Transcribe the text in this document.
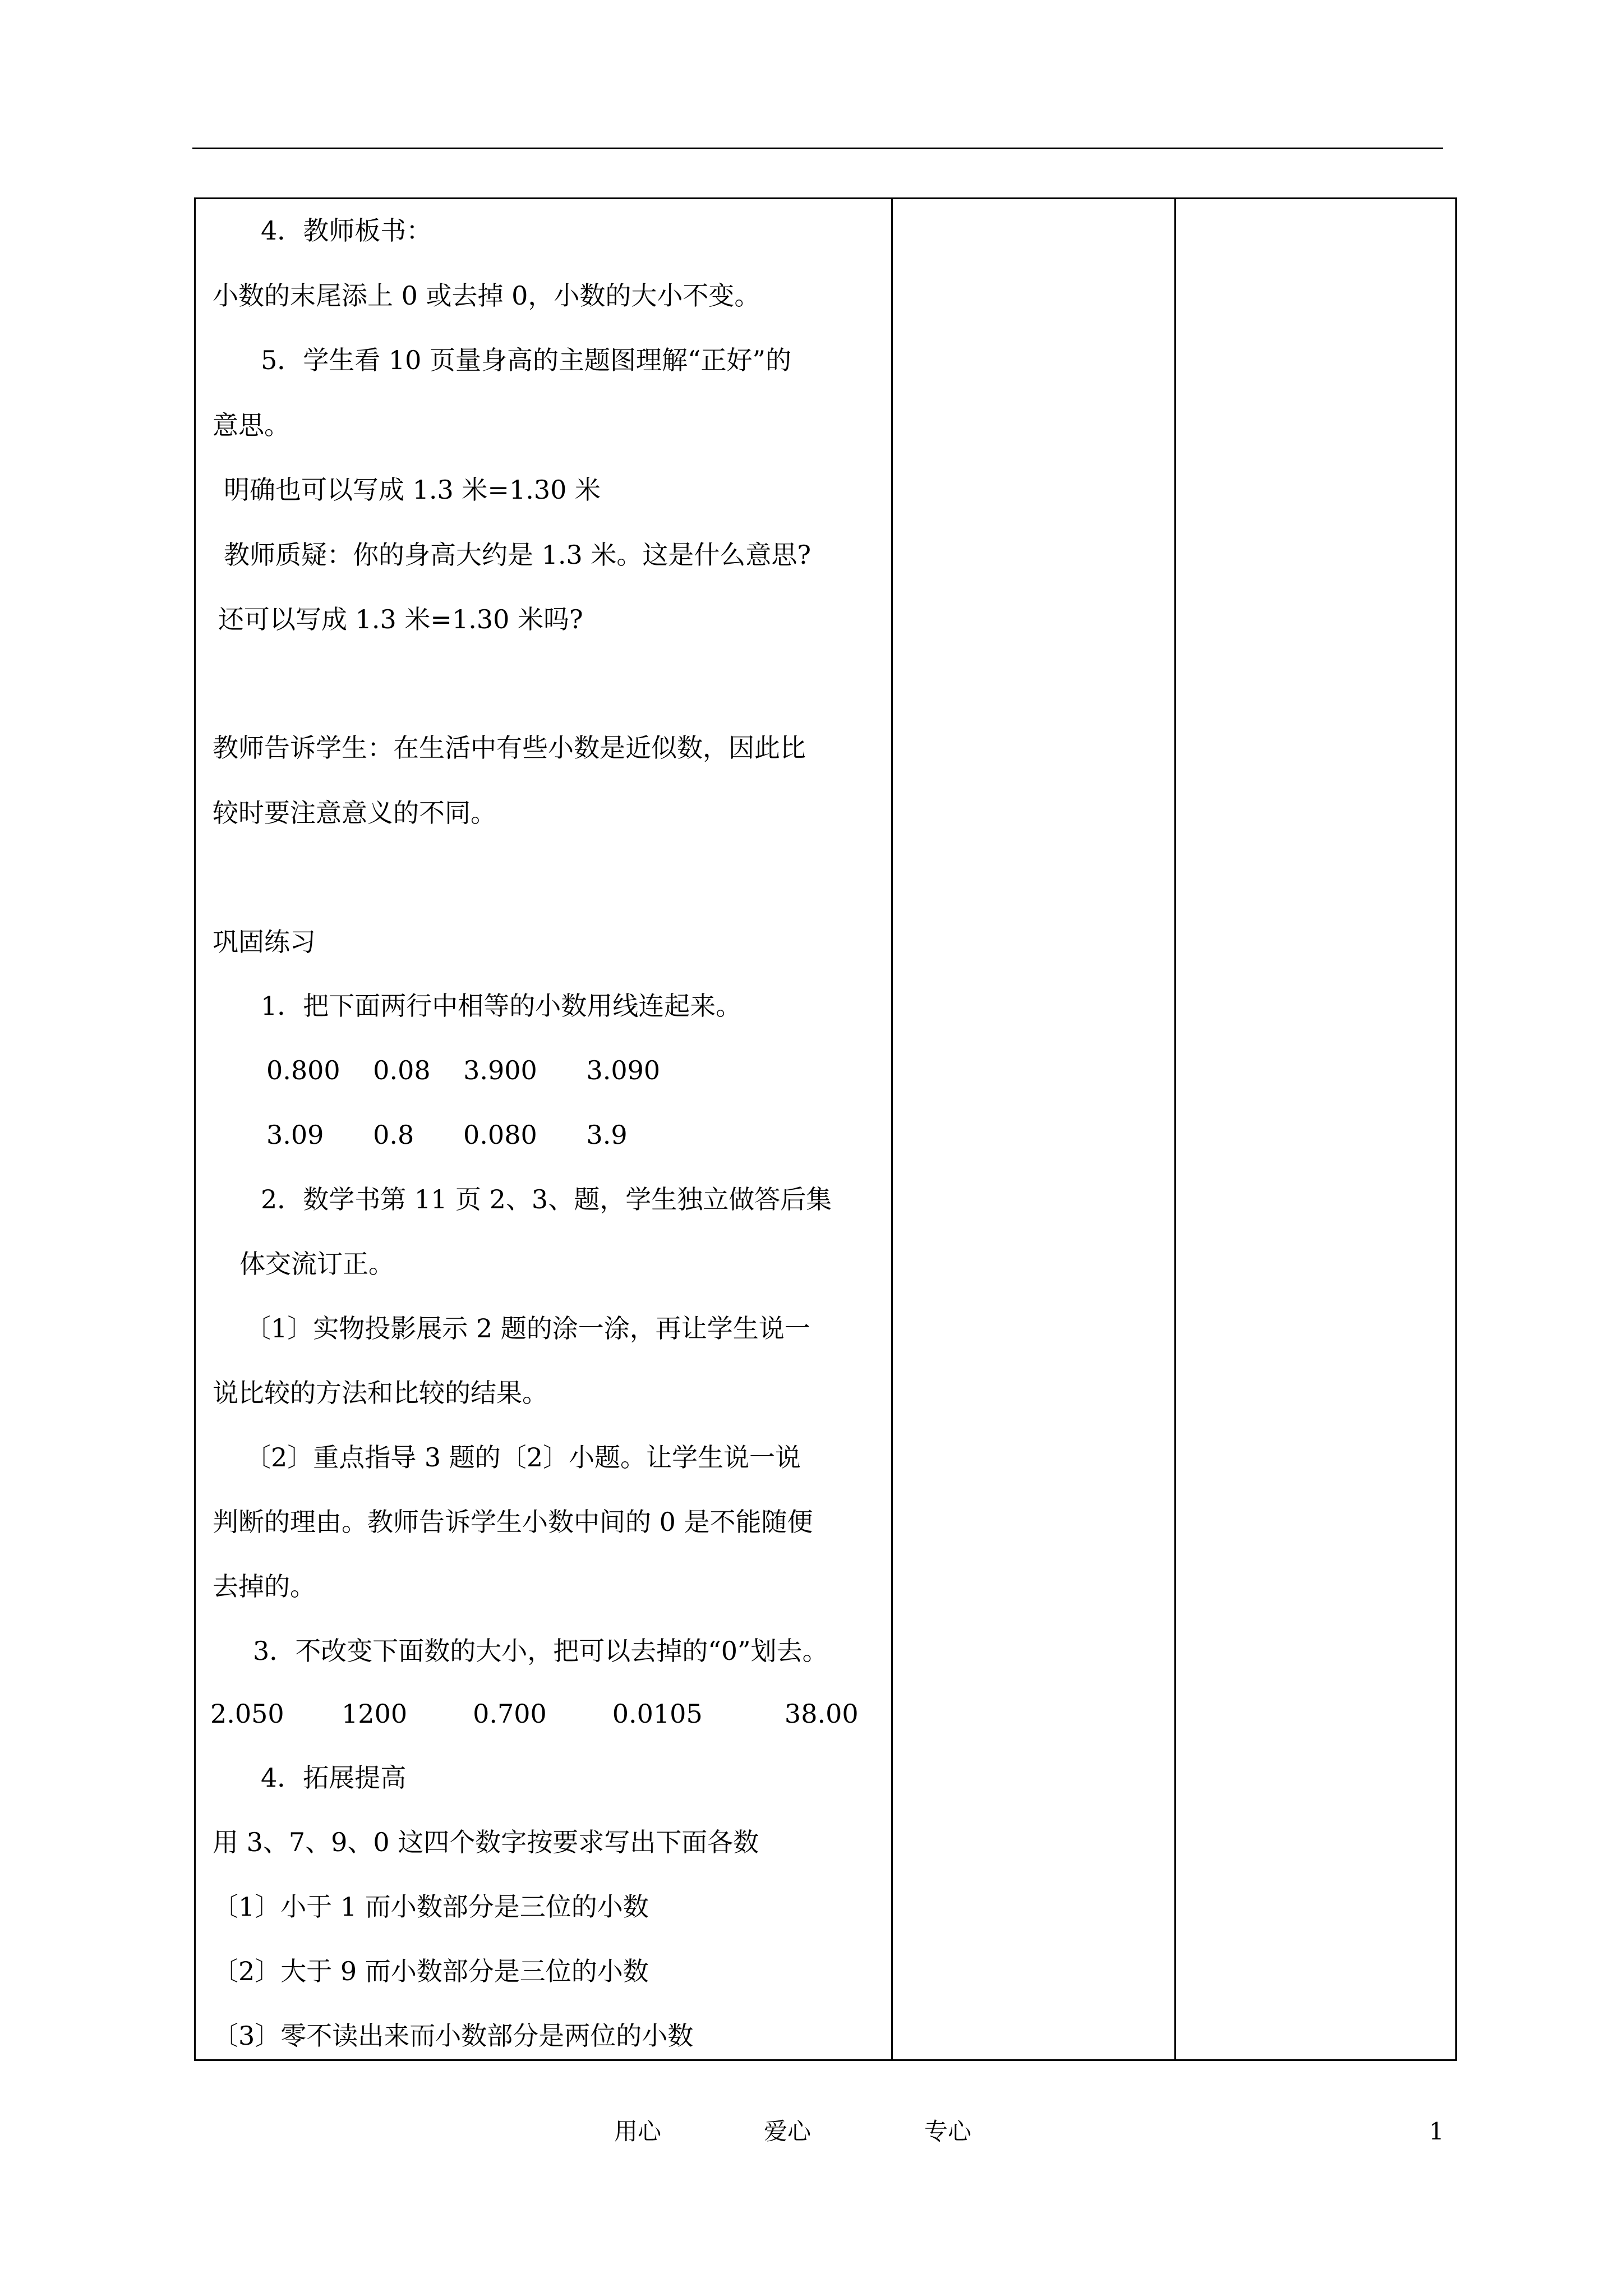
4．教师板书：
小数的末尾添上 0 或去掉 0，小数的大小不变。
5．学生看 10 页量身高的主题图理解“正好”的
意思。
明确也可以写成 1.3 米=1.30 米
教师质疑：你的身高大约是 1.3 米。这是什么意思?
还可以写成 1.3 米=1.30 米吗?
教师告诉学生：在生活中有些小数是近似数，因此比
较时要注意意义的不同。
巩固练习
1．把下面两行中相等的小数用线连起来。
0.800    0.08    3.900      3.090
3.09      0.8      0.080      3.9
2．数学书第 11 页 2、3、题，学生独立做答后集
体交流订正。
〔1〕实物投影展示 2 题的涂一涂，再让学生说一
说比较的方法和比较的结果。
〔2〕重点指导 3 题的〔2〕小题。让学生说一说
判断的理由。教师告诉学生小数中间的 0 是不能随便
去掉的。
3．不改变下面数的大小，把可以去掉的“0”划去。
2.050       1200        0.700        0.0105          38.00
4．拓展提高
用 3、7、9、0 这四个数字按要求写出下面各数
〔1〕小于 1 而小数部分是三位的小数
〔2〕大于 9 而小数部分是三位的小数
〔3〕零不读出来而小数部分是两位的小数
用心	爱心	专心	1
